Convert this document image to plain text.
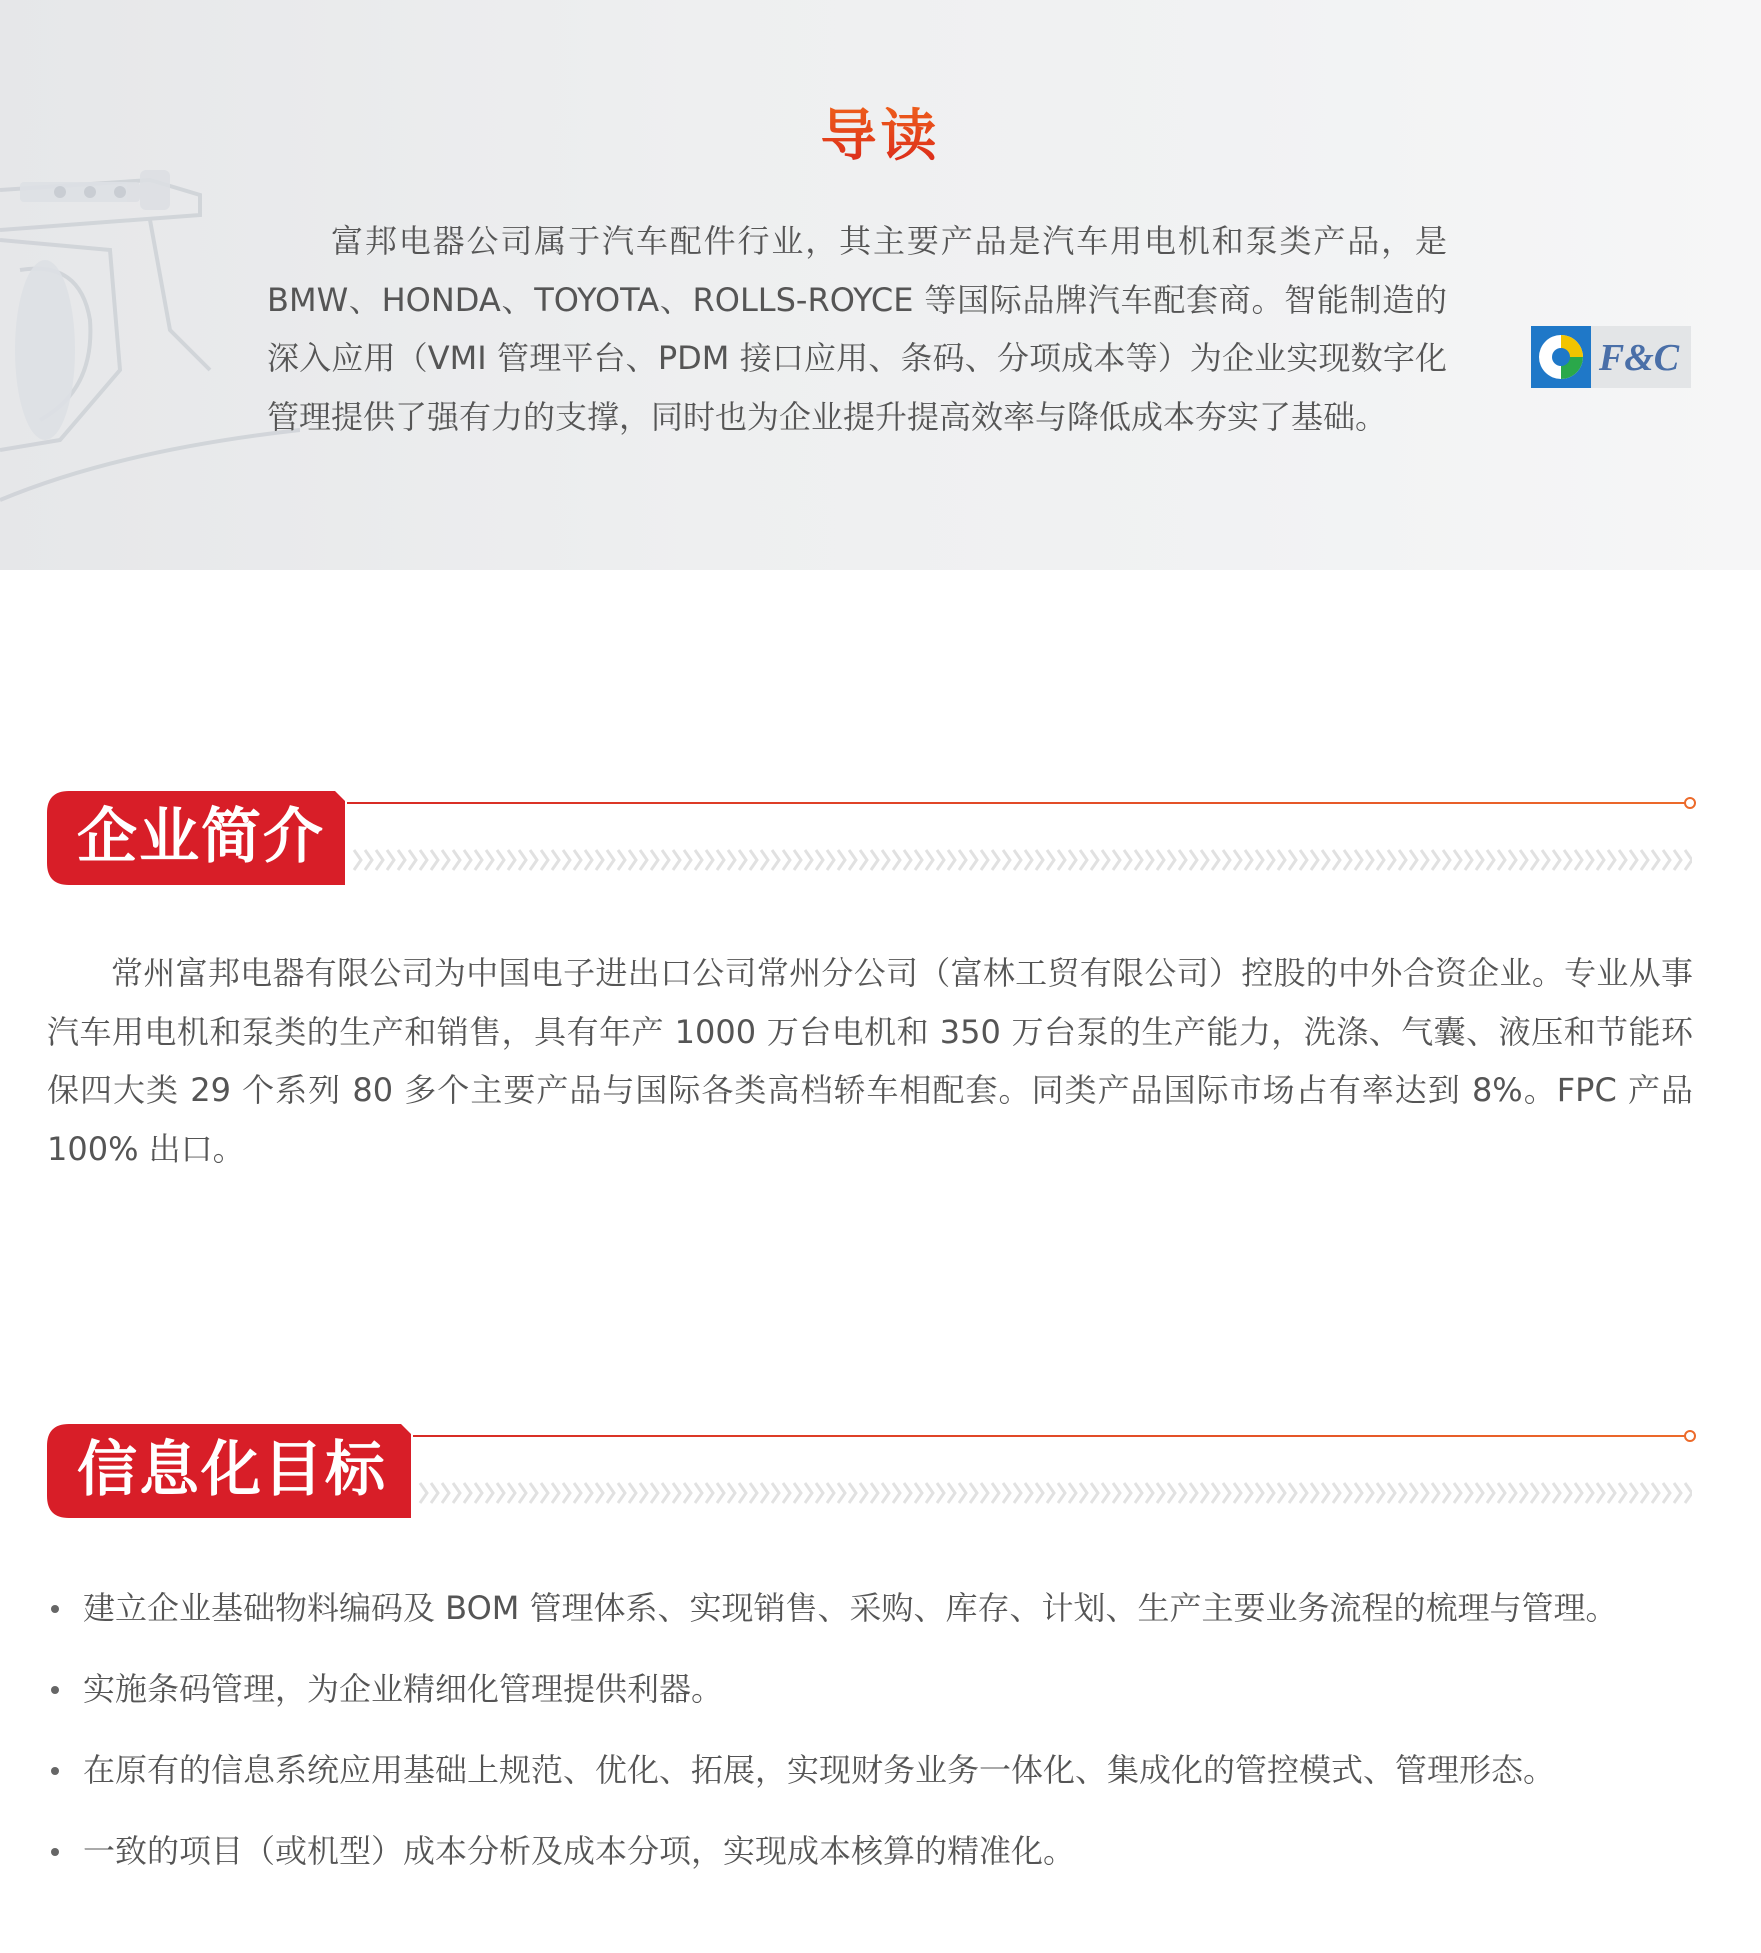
导读

富邦电器公司属于汽车配件行业，其主要产品是汽车用电机和泵类产品，是BMW、HONDA、TOYOTA、ROLLS-ROYCE 等国际品牌汽车配套商。智能制造的深入应用（VMI 管理平台、PDM 接口应用、条码、分项成本等）为企业实现数字化管理提供了强有力的支撑，同时也为企业提升提高效率与降低成本夯实了基础。

F&C
企业简介

常州富邦电器有限公司为中国电子进出口公司常州分公司（富林工贸有限公司）控股的中外合资企业。专业从事汽车用电机和泵类的生产和销售，具有年产 1000 万台电机和 350 万台泵的生产能力，洗涤、气囊、液压和节能环保四大类 29 个系列 80 多个主要产品与国际各类高档轿车相配套。同类产品国际市场占有率达到 8%。FPC 产品 100% 出口。

信息化目标
建立企业基础物料编码及 BOM 管理体系、实现销售、采购、库存、计划、生产主要业务流程的梳理与管理。
实施条码管理，为企业精细化管理提供利器。
在原有的信息系统应用基础上规范、优化、拓展，实现财务业务一体化、集成化的管控模式、管理形态。
一致的项目（或机型）成本分析及成本分项，实现成本核算的精准化。
